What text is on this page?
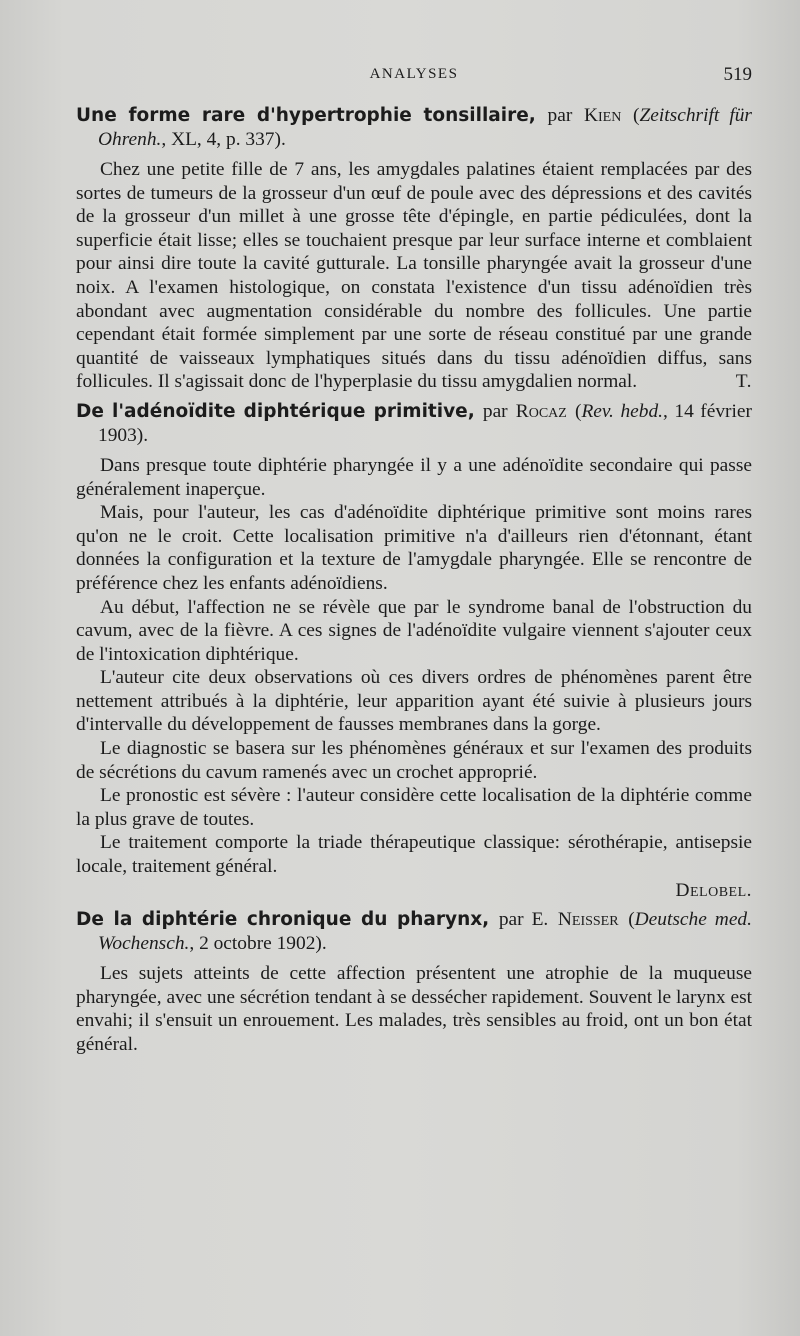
ANALYSES	519

Une forme rare d'hypertrophie tonsillaire, par Kien (Zeitschrift für Ohrenh., XL, 4, p. 337).

Chez une petite fille de 7 ans, les amygdales palatines étaient remplacées par des sortes de tumeurs de la grosseur d'un œuf de poule avec des dépressions et des cavités de la grosseur d'un millet à une grosse tête d'épingle, en partie pédiculées, dont la superficie était lisse; elles se touchaient presque par leur surface interne et comblaient pour ainsi dire toute la cavité gutturale. La tonsille pharyngée avait la grosseur d'une noix. A l'examen histologique, on constata l'existence d'un tissu adénoïdien très abondant avec augmentation considérable du nombre des follicules. Une partie cependant était formée simplement par une sorte de réseau constitué par une grande quantité de vaisseaux lymphatiques situés dans du tissu adénoïdien diffus, sans follicules. Il s'agissait donc de l'hyperplasie du tissu amygdalien normal.	T.

De l'adénoïdite diphtérique primitive, par Rocaz (Rev. hebd., 14 février 1903).

Dans presque toute diphtérie pharyngée il y a une adénoïdite secondaire qui passe généralement inaperçue.

Mais, pour l'auteur, les cas d'adénoïdite diphtérique primitive sont moins rares qu'on ne le croit. Cette localisation primitive n'a d'ailleurs rien d'étonnant, étant données la configuration et la texture de l'amygdale pharyngée. Elle se rencontre de préférence chez les enfants adénoïdiens.

Au début, l'affection ne se révèle que par le syndrome banal de l'obstruction du cavum, avec de la fièvre. A ces signes de l'adénoïdite vulgaire viennent s'ajouter ceux de l'intoxication diphtérique.

L'auteur cite deux observations où ces divers ordres de phénomènes parent être nettement attribués à la diphtérie, leur apparition ayant été suivie à plusieurs jours d'intervalle du développement de fausses membranes dans la gorge.

Le diagnostic se basera sur les phénomènes généraux et sur l'examen des produits de sécrétions du cavum ramenés avec un crochet approprié.

Le pronostic est sévère : l'auteur considère cette localisation de la diphtérie comme la plus grave de toutes.

Le traitement comporte la triade thérapeutique classique: sérothérapie, antisepsie locale, traitement général.

Delobel.

De la diphtérie chronique du pharynx, par E. Neisser (Deutsche med. Wochensch., 2 octobre 1902).

Les sujets atteints de cette affection présentent une atrophie de la muqueuse pharyngée, avec une sécrétion tendant à se dessécher rapidement. Souvent le larynx est envahi; il s'ensuit un enrouement. Les malades, très sensibles au froid, ont un bon état général.
